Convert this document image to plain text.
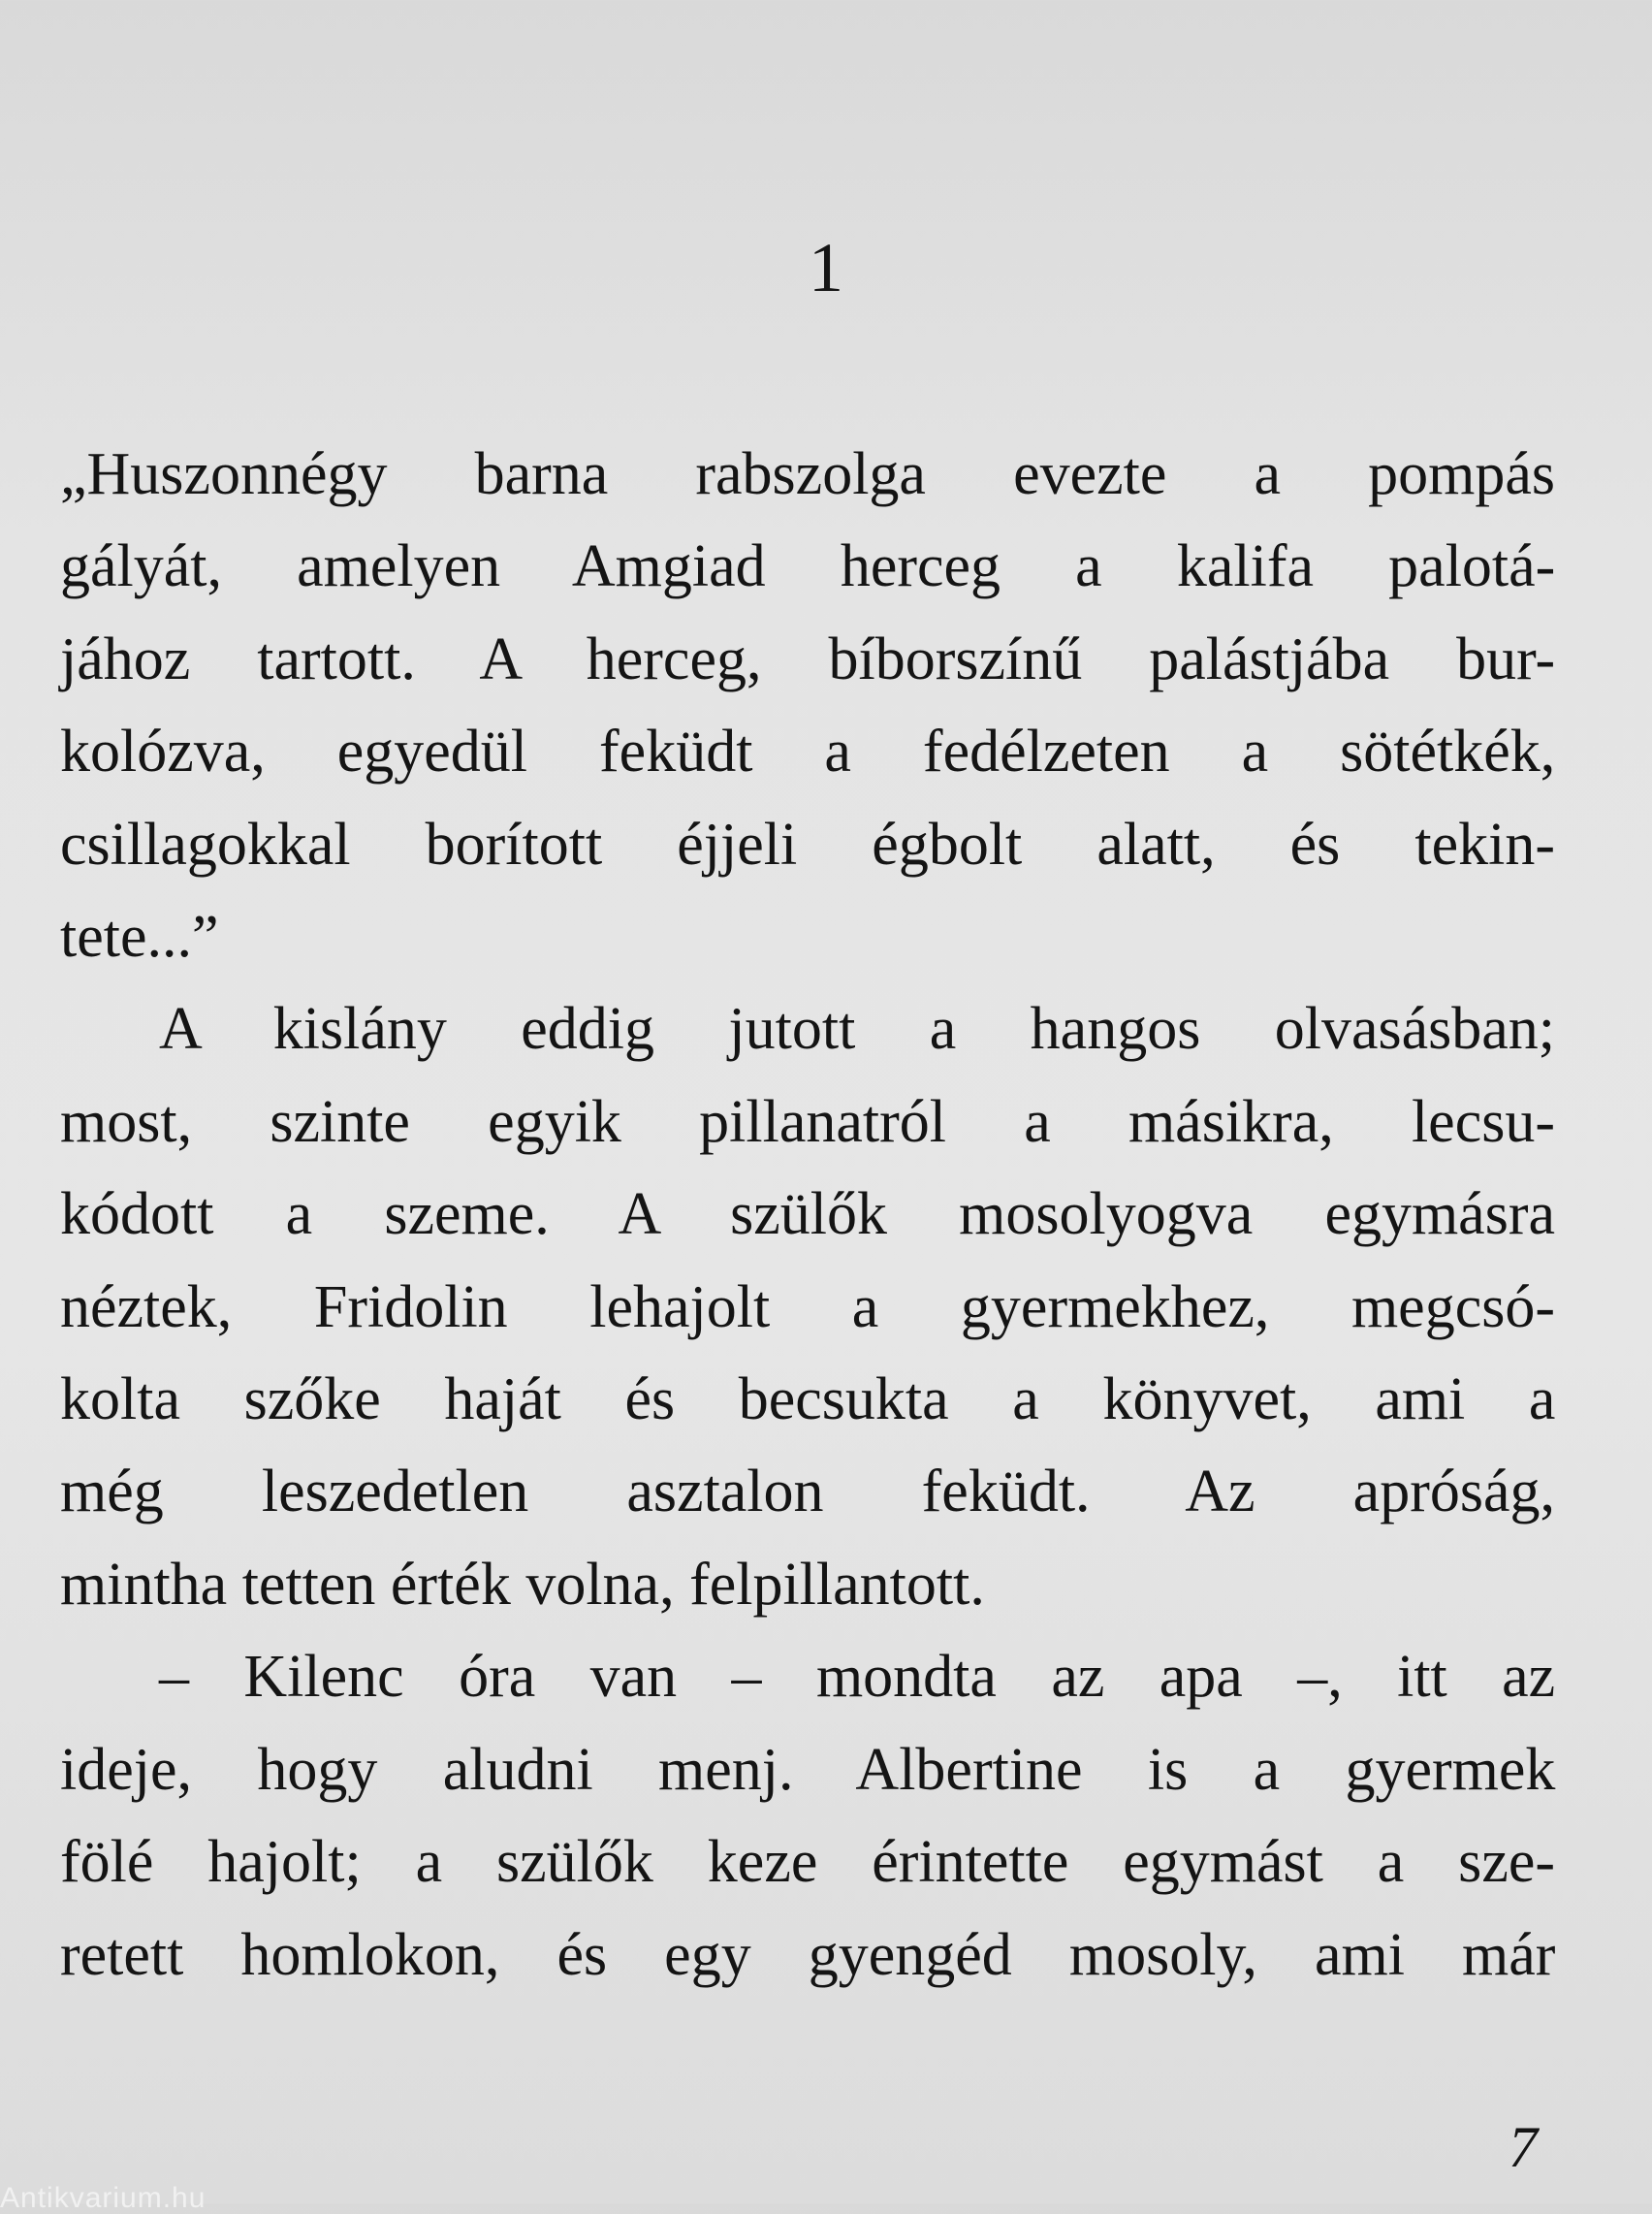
1

„Huszonnégy barna rabszolga evezte a pompás
gályát, amelyen Amgiad herceg a kalifa palotá-
jához tartott. A herceg, bíborszínű palástjába bur-
kolózva, egyedül feküdt a fedélzeten a sötétkék,
csillagokkal borított éjjeli égbolt alatt, és tekin-
tete...”

A kislány eddig jutott a hangos olvasásban;
most, szinte egyik pillanatról a másikra, lecsu-
kódott a szeme. A szülők mosolyogva egymásra
néztek, Fridolin lehajolt a gyermekhez, megcsó-
kolta szőke haját és becsukta a könyvet, ami a
még leszedetlen asztalon feküdt. Az apróság,
mintha tetten érték volna, felpillantott.

– Kilenc óra van – mondta az apa –, itt az
ideje, hogy aludni menj. Albertine is a gyermek
fölé hajolt; a szülők keze érintette egymást a sze-
retett homlokon, és egy gyengéd mosoly, ami már

7
Antikvarium.hu
